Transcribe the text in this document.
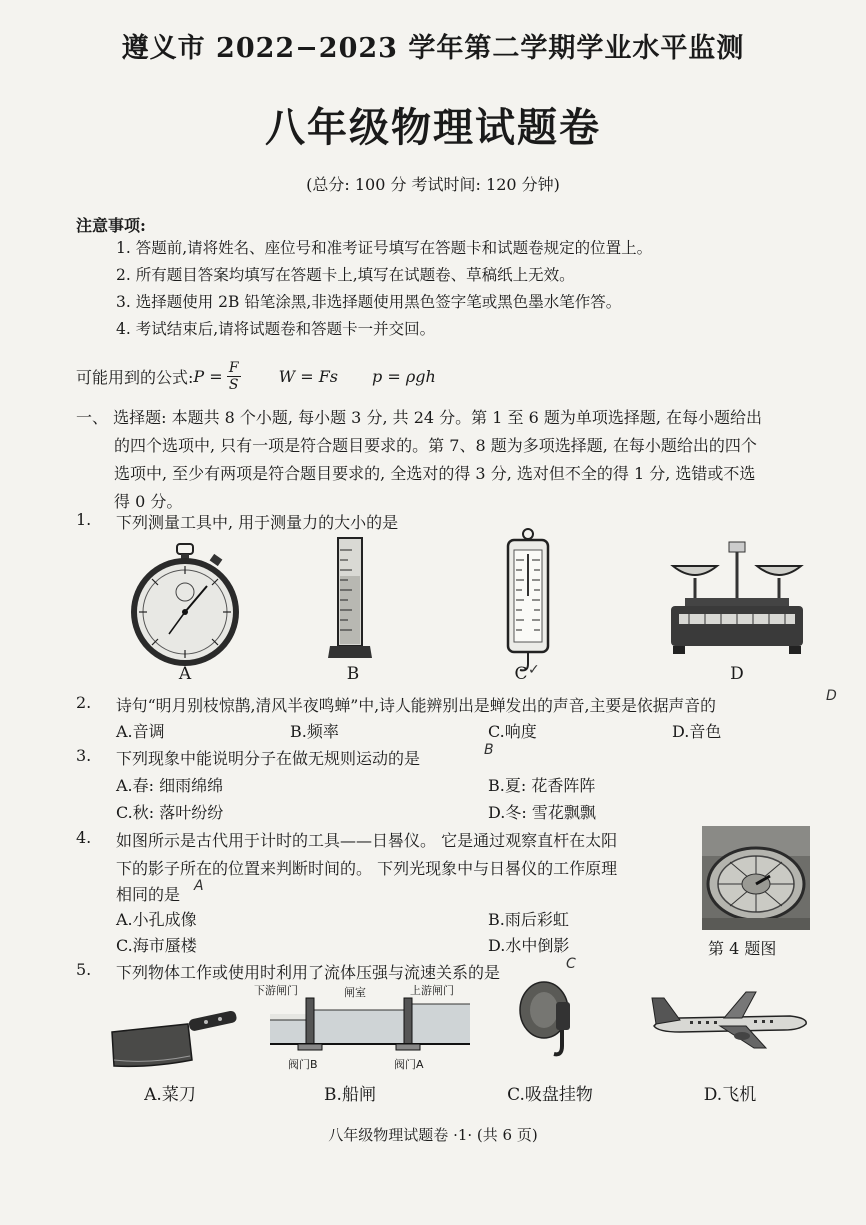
遵义市 2022−2023 学年第二学期学业水平监测
八年级物理试题卷
(总分: 100 分 考试时间: 120 分钟)
注意事项:
1. 答题前,请将姓名、座位号和准考证号填写在答题卡和试题卷规定的位置上。
2. 所有题目答案均填写在答题卡上,填写在试题卷、草稿纸上无效。
3. 选择题使用 2B 铅笔涂黑,非选择题使用黑色签字笔或黑色墨水笔作答。
4. 考试结束后,请将试题卷和答题卡一并交回。
可能用到的公式: $P = \frac{F}{S}$ W = Fs p = ρgh
一、 选择题: 本题共 8 个小题, 每小题 3 分, 共 24 分。第 1 至 6 题为单项选择题, 在每小题给出
的四个选项中, 只有一项是符合题目要求的。第 7、8 题为多项选择题, 在每小题给出的四个
选项中, 至少有两项是符合题目要求的, 全选对的得 3 分, 选对但不全的得 1 分, 选错或不选
得 0 分。
1. 下列测量工具中, 用于测量力的大小的是
A	B	C ✓	D
2. 诗句“明月别枝惊鹊,清风半夜鸣蝉”中,诗人能辨别出是蝉发出的声音,主要是依据声音的	D
A.音调	B.频率	C.响度	D.音色
3. 下列现象中能说明分子在做无规则运动的是	B
A.春: 细雨绵绵	B.夏: 花香阵阵
C.秋: 落叶纷纷	D.冬: 雪花飘飘
4. 如图所示是古代用于计时的工具——日晷仪。 它是通过观察直杆在太阳
下的影子所在的位置来判断时间的。 下列光现象中与日晷仪的工作原理
相同的是 A
A.小孔成像	B.雨后彩虹
C.海市蜃楼	D.水中倒影	第 4 题图
5. 下列物体工作或使用时利用了流体压强与流速关系的是	C
下游闸门	闸室	上游闸门
阀门B	阀门A
A.菜刀	B.船闸	C.吸盘挂物	D.飞机
八年级物理试题卷 ·1· (共 6 页)
